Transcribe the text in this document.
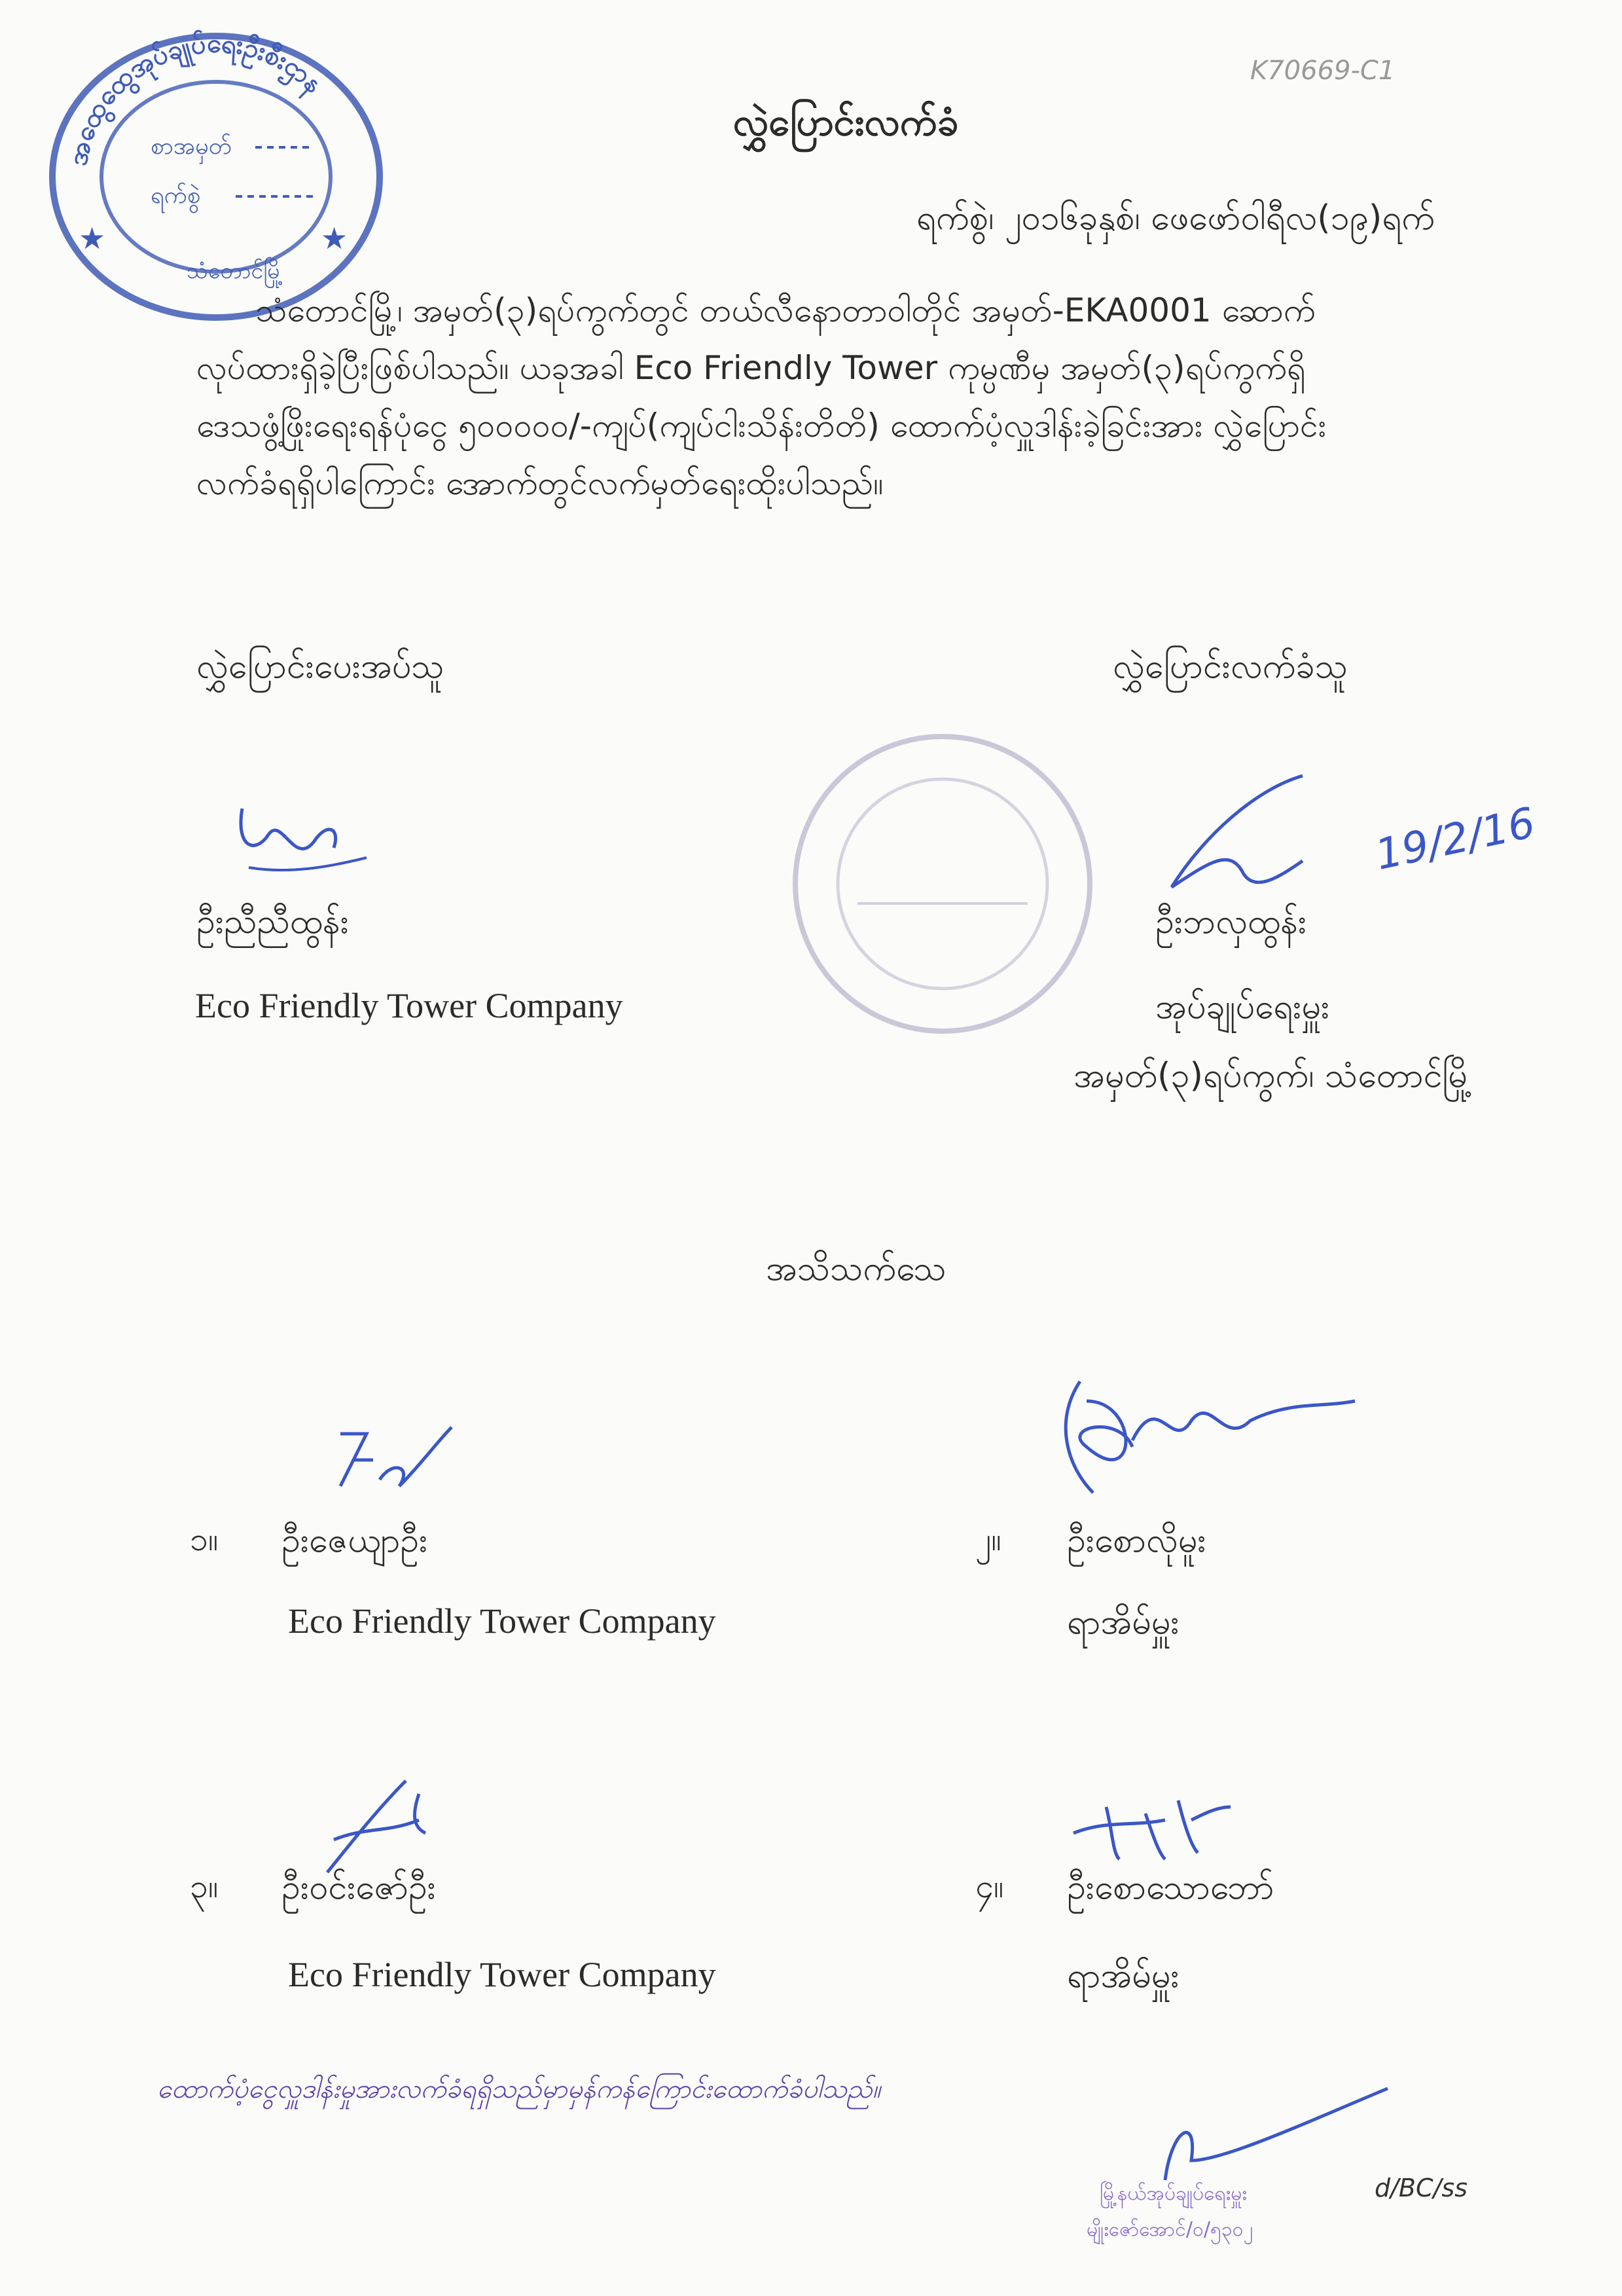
အထွေထွေအုပ်ချုပ်ရေးဦးစီးဌာန
စာအမှတ်
ရက်စွဲ
★	★
သံတောင်မြို့
K70669-C1
လွှဲပြောင်းလက်ခံ
ရက်စွဲ၊ ၂၀၁၆ခုနှစ်၊ ဖေဖော်ဝါရီလ(၁၉)ရက်
သံတောင်မြို့၊ အမှတ်(၃)ရပ်ကွက်တွင် တယ်လီနောတာဝါတိုင် အမှတ်-EKA0001 ဆောက်
လုပ်ထားရှိခဲ့ပြီးဖြစ်ပါသည်။ ယခုအခါ Eco Friendly Tower ကုမ္ပဏီမှ အမှတ်(၃)ရပ်ကွက်ရှိ
ဒေသဖွံ့ဖြိုးရေးရန်ပုံငွေ ၅၀၀၀၀၀/-ကျပ်(ကျပ်ငါးသိန်းတိတိ) ထောက်ပံ့လှူဒါန်းခဲ့ခြင်းအား လွှဲပြောင်း
လက်ခံရရှိပါကြောင်း အောက်တွင်လက်မှတ်ရေးထိုးပါသည်။
လွှဲပြောင်းပေးအပ်သူ
ဦးညီညီထွန်း
Eco Friendly Tower Company
လွှဲပြောင်းလက်ခံသူ
19/2/16
ဦးဘလှထွန်း
အုပ်ချုပ်ရေးမှူး
အမှတ်(၃)ရပ်ကွက်၊ သံတောင်မြို့
အသိသက်သေ
၁။ ဦးဇေယျာဦး
Eco Friendly Tower Company
၂။ ဦးစောလိုမူး
ရာအိမ်မှူး
၃။ ဦးဝင်းဇော်ဦး
Eco Friendly Tower Company
၄။ ဦးစောသောဘော်
ရာအိမ်မှူး
ထောက်ပံ့ငွေလှူဒါန်းမှုအားလက်ခံရရှိသည်မှာမှန်ကန်ကြောင်းထောက်ခံပါသည်။
မြို့နယ်အုပ်ချုပ်ရေးမှူး
မျိုးဇော်အောင်/၀/၅၃၀၂
d/BC/ss
